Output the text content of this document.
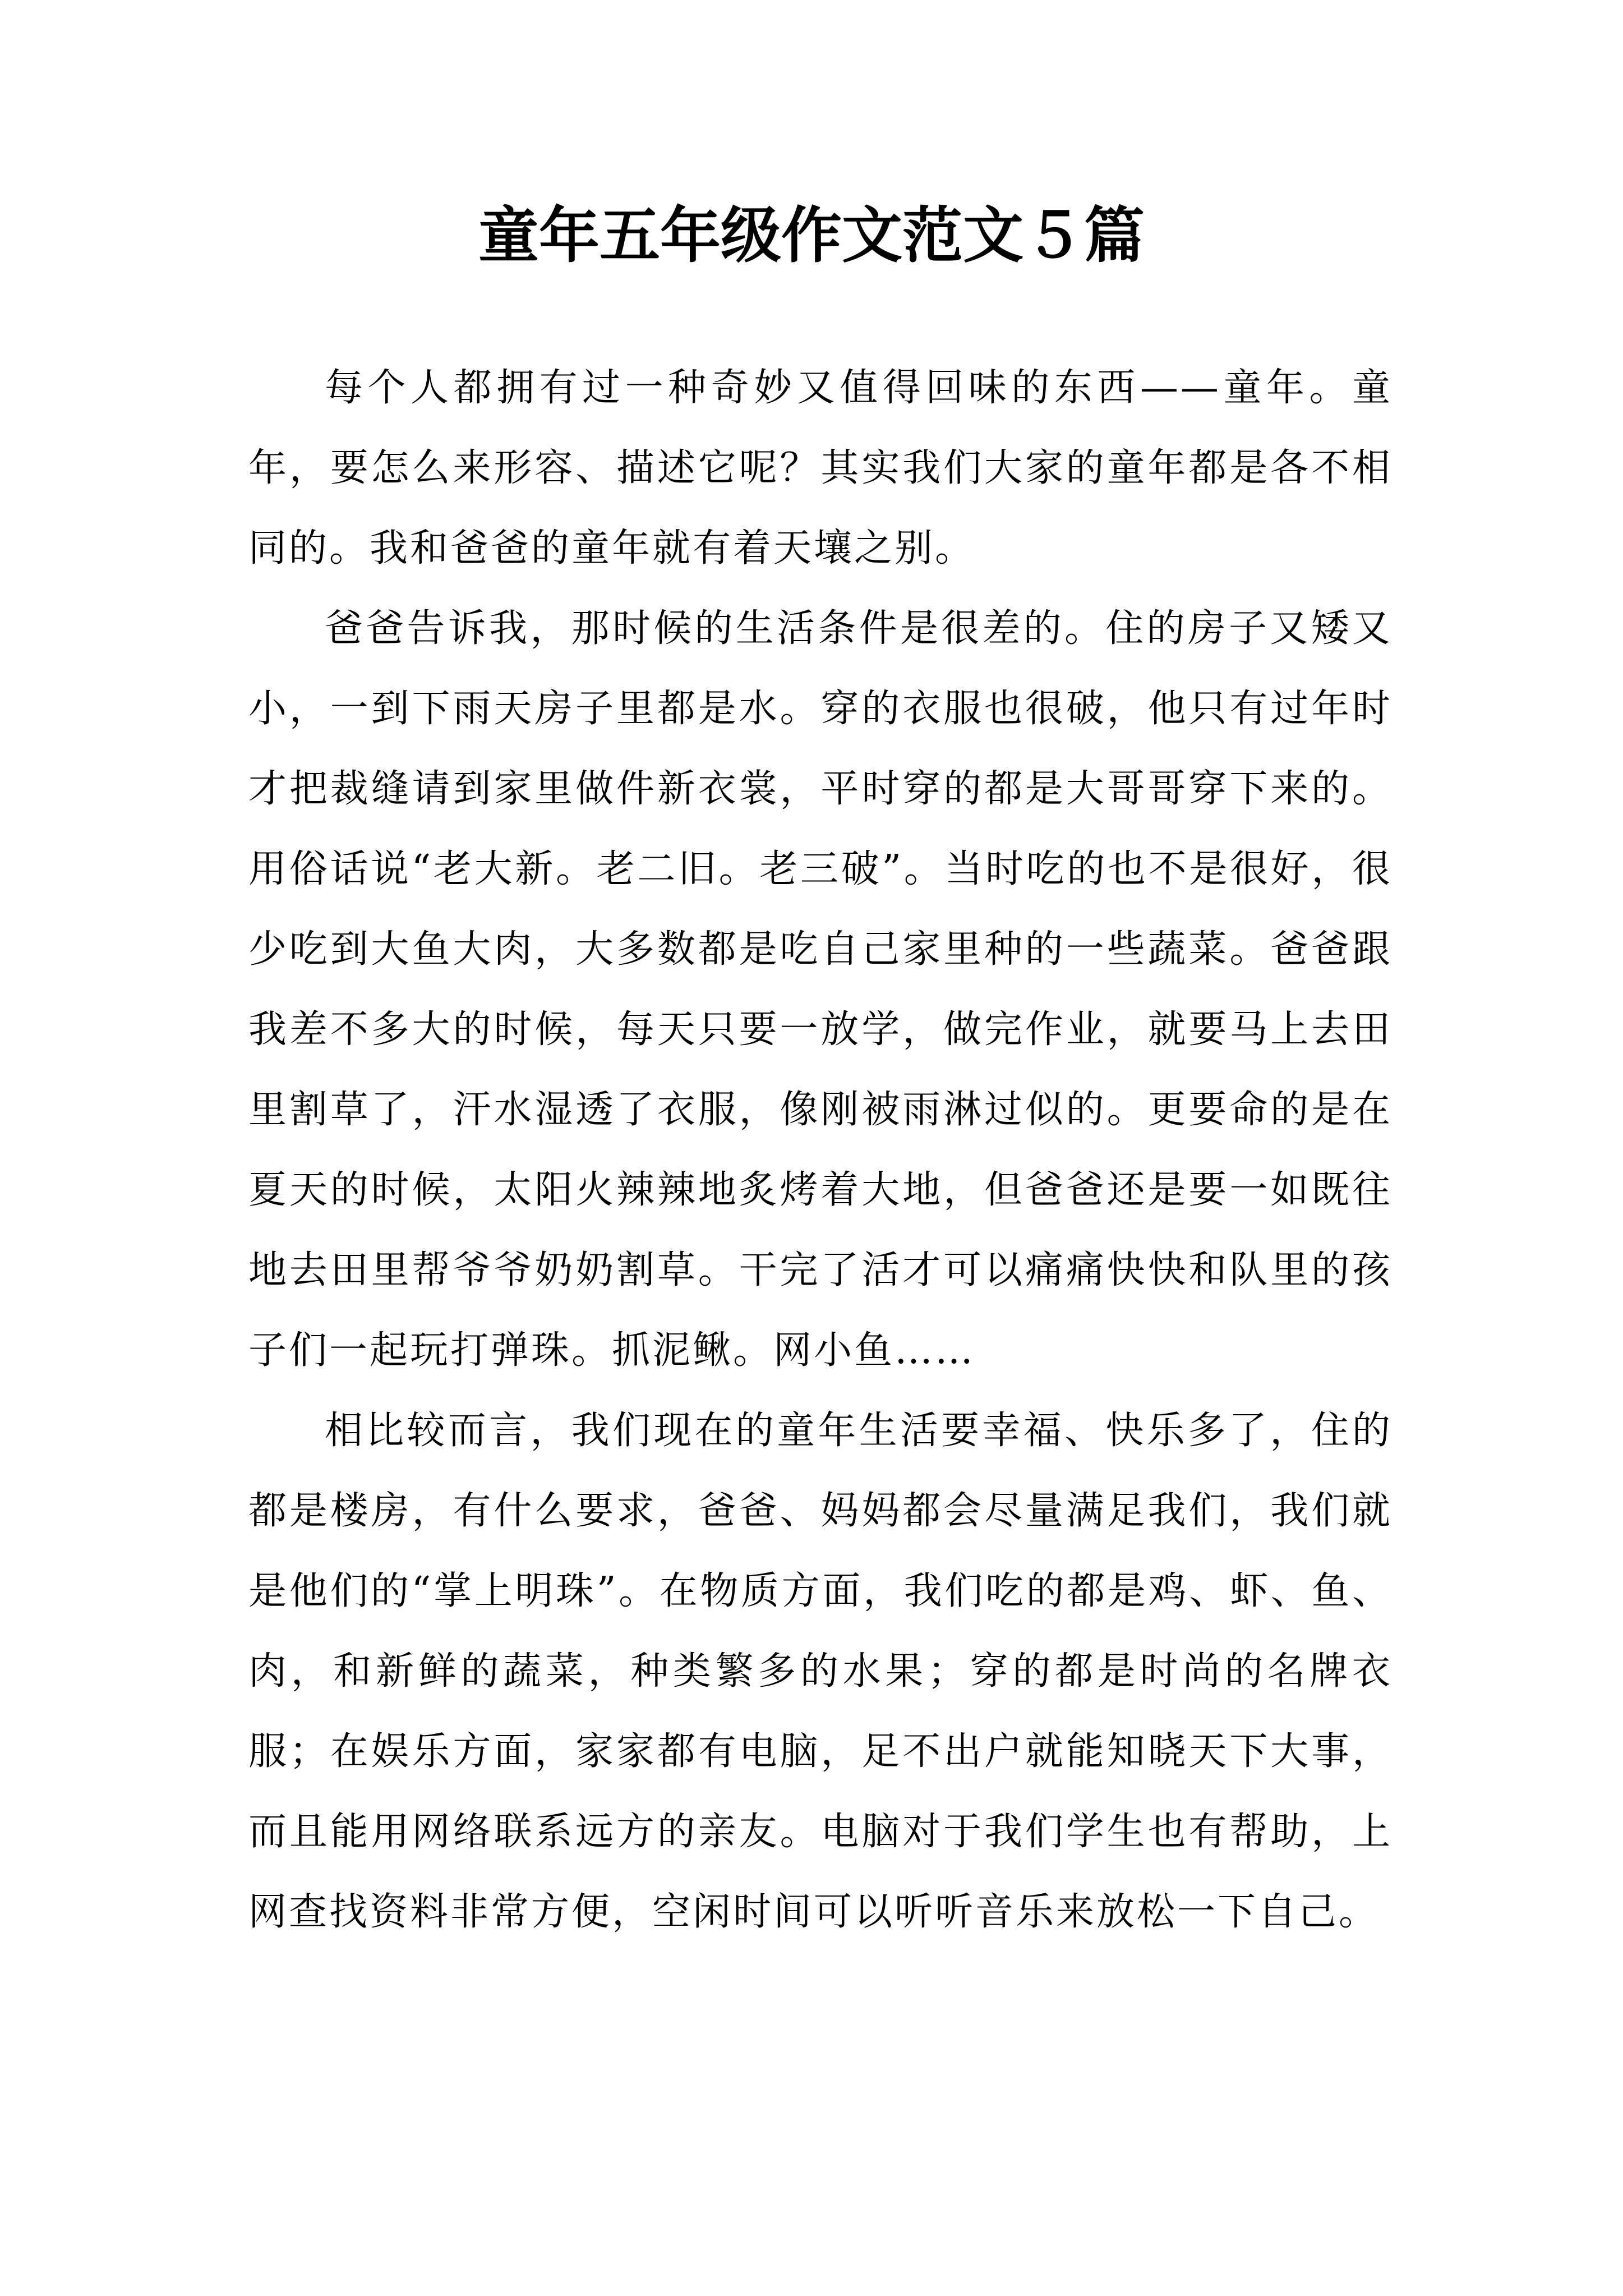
童年五年级作文范文５篇

每个人都拥有过一种奇妙又值得回味的东西——童年。童年，要怎么来形容、描述它呢？其实我们大家的童年都是各不相同的。我和爸爸的童年就有着天壤之别。

爸爸告诉我，那时候的生活条件是很差的。住的房子又矮又小，一到下雨天房子里都是水。穿的衣服也很破，他只有过年时才把裁缝请到家里做件新衣裳，平时穿的都是大哥哥穿下来的。用俗话说“老大新。老二旧。老三破”。当时吃的也不是很好，很少吃到大鱼大肉，大多数都是吃自己家里种的一些蔬菜。爸爸跟我差不多大的时候，每天只要一放学，做完作业，就要马上去田里割草了，汗水湿透了衣服，像刚被雨淋过似的。更要命的是在夏天的时候，太阳火辣辣地炙烤着大地，但爸爸还是要一如既往地去田里帮爷爷奶奶割草。干完了活才可以痛痛快快和队里的孩子们一起玩打弹珠。抓泥鳅。网小鱼……

相比较而言，我们现在的童年生活要幸福、快乐多了，住的都是楼房，有什么要求，爸爸、妈妈都会尽量满足我们，我们就是他们的“掌上明珠”。在物质方面，我们吃的都是鸡、虾、鱼、肉，和新鲜的蔬菜，种类繁多的水果；穿的都是时尚的名牌衣服；在娱乐方面，家家都有电脑，足不出户就能知晓天下大事，而且能用网络联系远方的亲友。电脑对于我们学生也有帮助，上网查找资料非常方便，空闲时间可以听听音乐来放松一下自己。
